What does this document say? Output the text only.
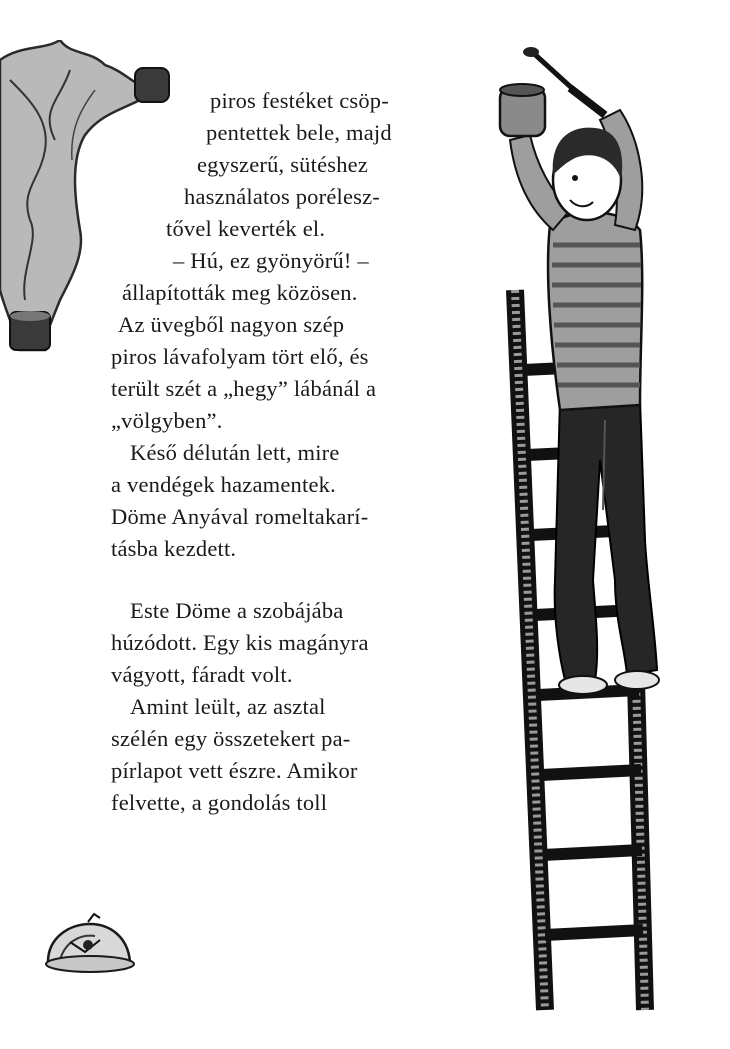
piros festéket csöp-
pentettek bele, majd
egyszerű, sütéshez
használatos porélesz-
tővel keverték el.
– Hú, ez gyönyörű! –
állapították meg közösen.
Az üvegből nagyon szép
piros lávafolyam tört elő, és
terült szét a „hegy” lábánál a
„völgyben”.
Késő délután lett, mire
a vendégek hazamentek.
Döme Anyával romeltakarí-
tásba kezdett.
Este Döme a szobájába
húzódott. Egy kis magányra
vágyott, fáradt volt.
Amint leült, az asztal
szélén egy összetekert pa-
pírlapot vett észre. Amikor
felvette, a gondolás toll
